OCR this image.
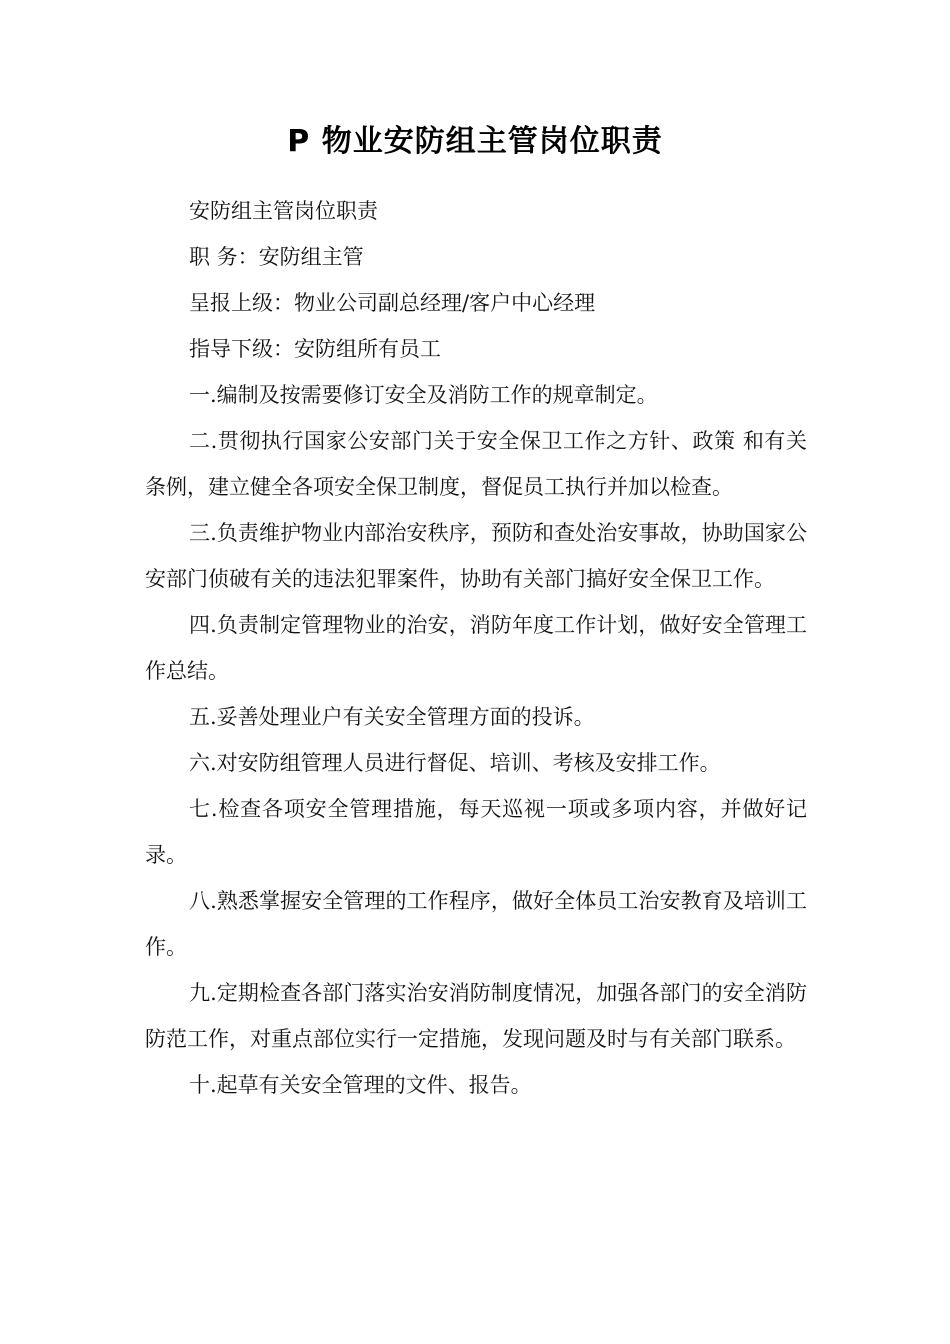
P 物业安防组主管岗位职责

安防组主管岗位职责

职 务：安防组主管

呈报上级：物业公司副总经理/客户中心经理

指导下级：安防组所有员工

一.编制及按需要修订安全及消防工作的规章制定。

二.贯彻执行国家公安部门关于安全保卫工作之方针、政策 和有关条例，建立健全各项安全保卫制度，督促员工执行并加以检查。

三.负责维护物业内部治安秩序，预防和查处治安事故，协助国家公安部门侦破有关的违法犯罪案件，协助有关部门搞好安全保卫工作。

四.负责制定管理物业的治安，消防年度工作计划，做好安全管理工作总结。

五.妥善处理业户有关安全管理方面的投诉。

六.对安防组管理人员进行督促、培训、考核及安排工作。

七.检查各项安全管理措施，每天巡视一项或多项内容，并做好记录。

八.熟悉掌握安全管理的工作程序，做好全体员工治安教育及培训工作。

九.定期检查各部门落实治安消防制度情况，加强各部门的安全消防防范工作，对重点部位实行一定措施，发现问题及时与有关部门联系。

十.起草有关安全管理的文件、报告。
